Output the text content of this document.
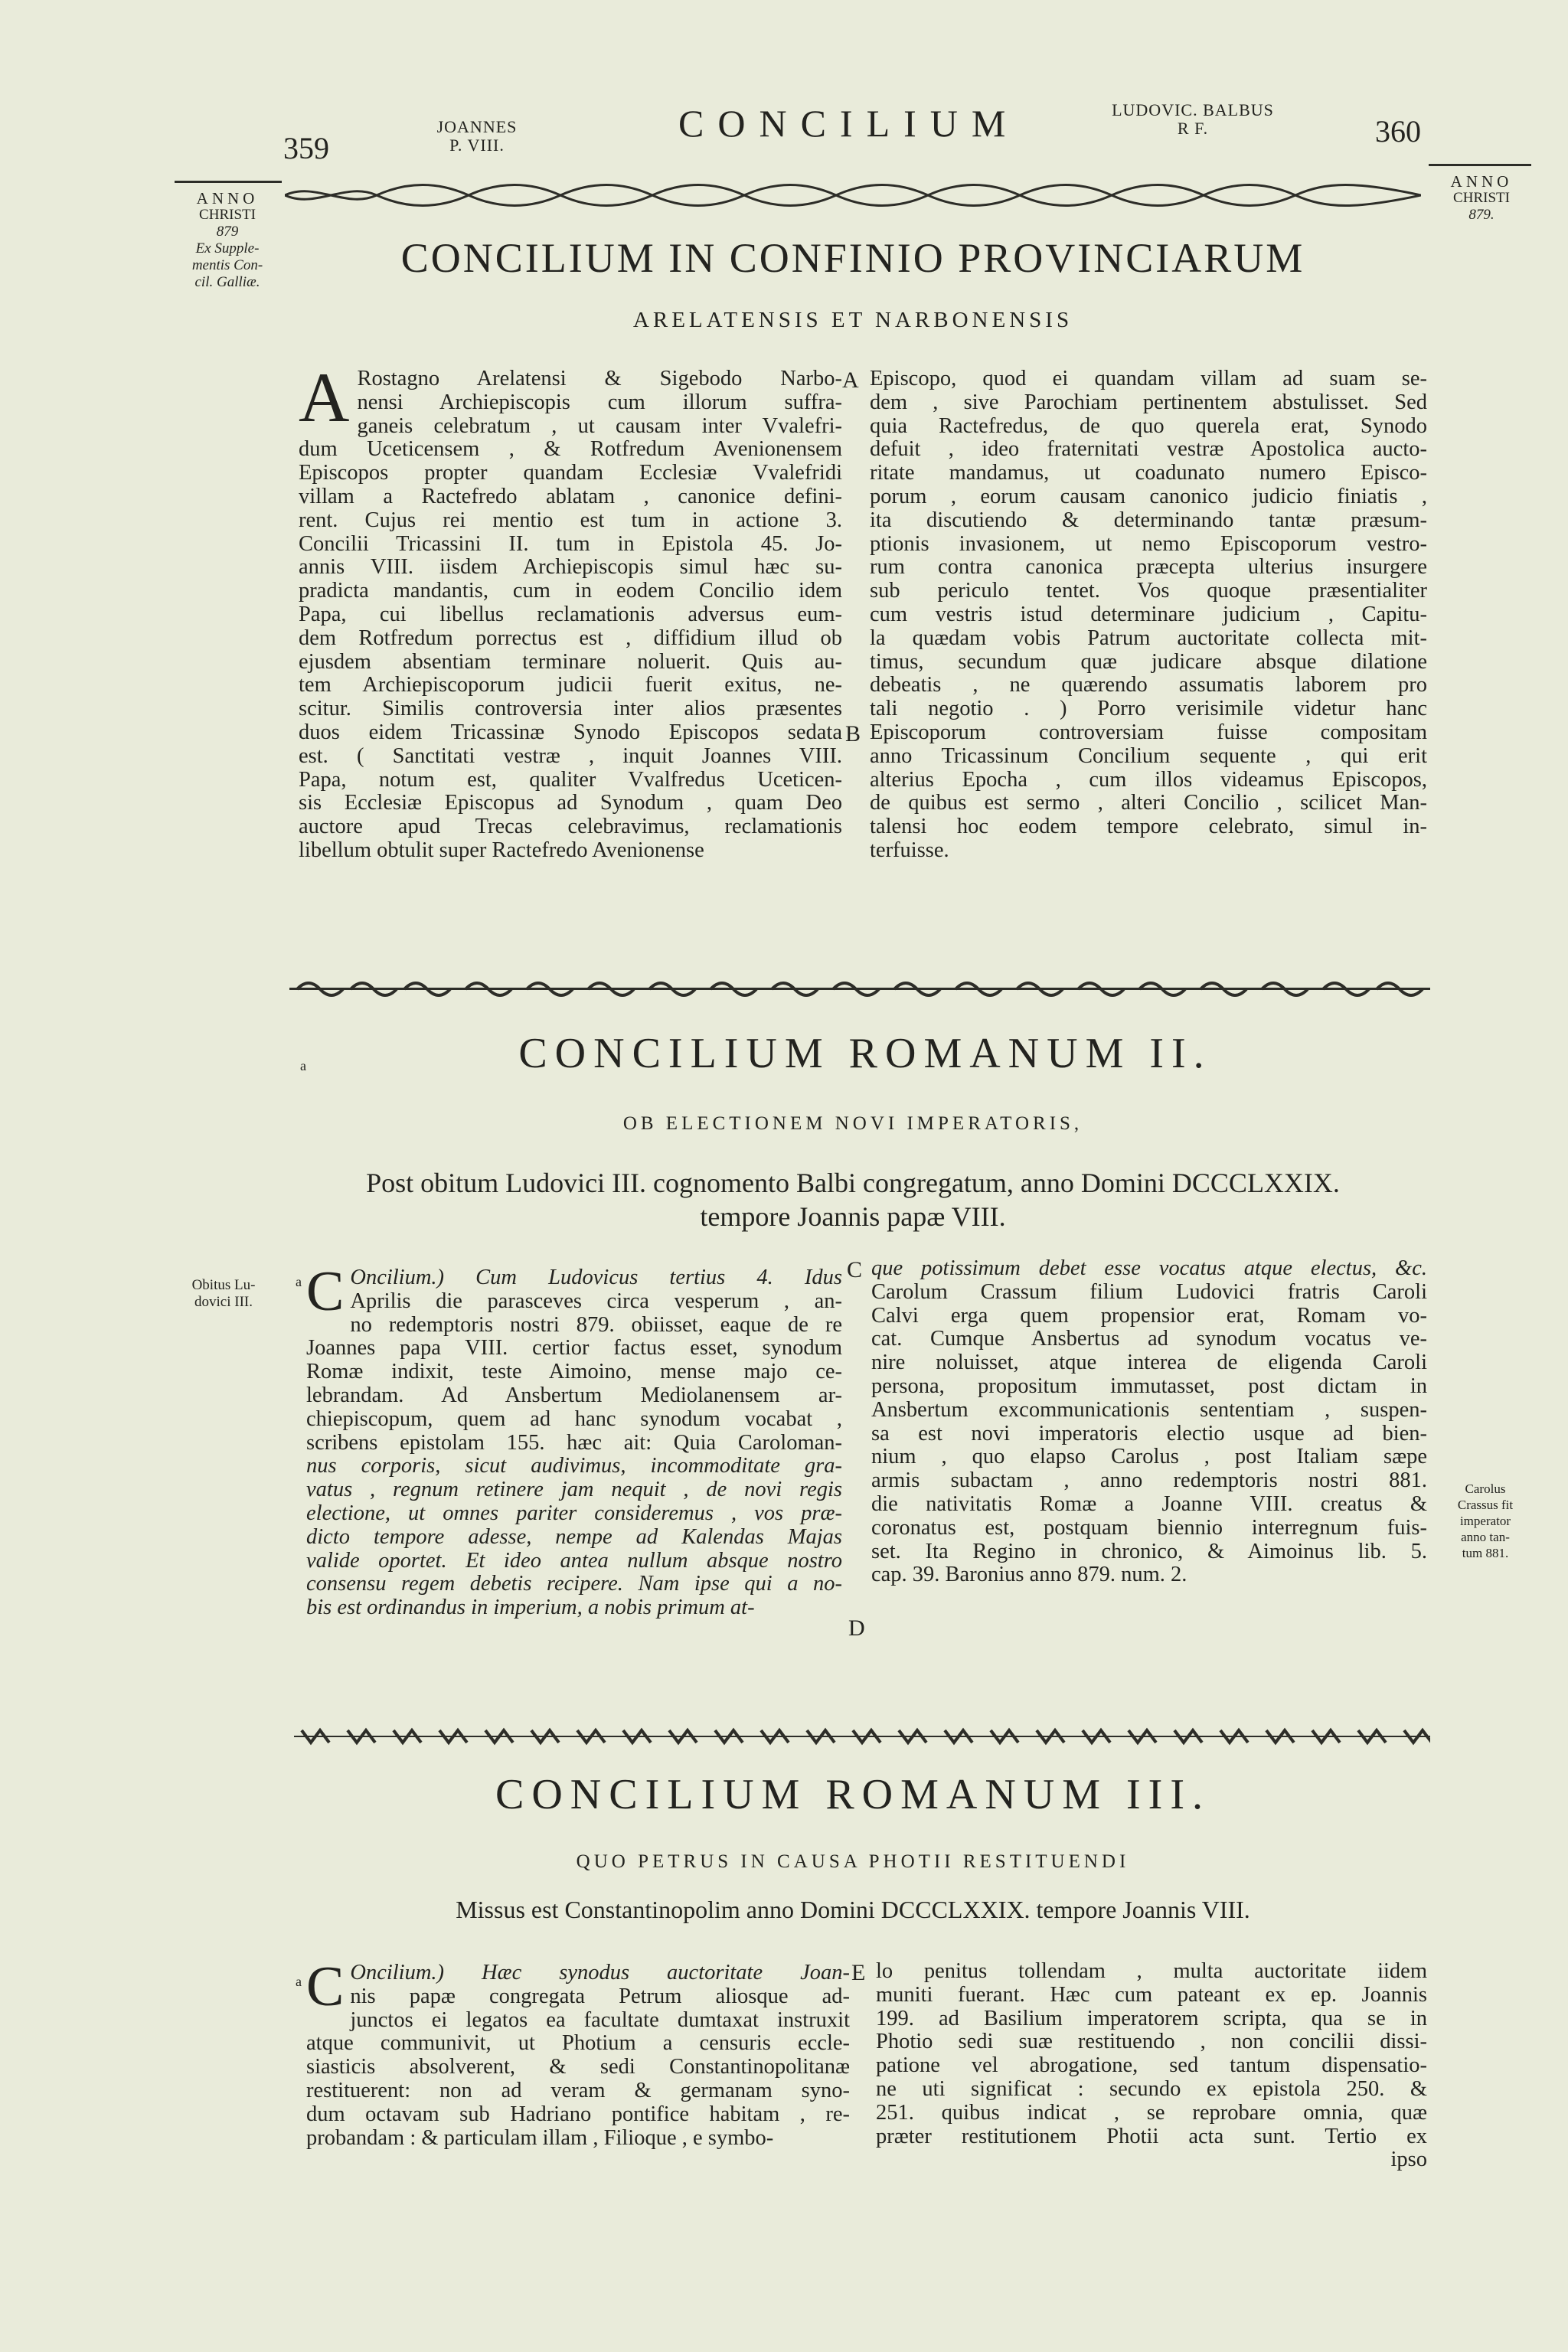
359
JOANNES
P. VIII.
CONCILIUM	LUDOVIC. BALBUS
R F.	360
ANNO
CHRISTI
879
Ex Supple-
mentis Con-
cil. Galliæ.
ANNO
CHRISTI
879.
Obitus Lu-
dovici III.
Carolus
Crassus fit
imperator
anno tan-
tum 881.
CONCILIUM IN CONFINIO PROVINCIARUM
ARELATENSIS ET NARBONENSIS
A Rostagno Arelatensi & Sigebodo Narbo-
nensi Archiepiscopis cum illorum suffra-
ganeis celebratum , ut causam inter Vvalefri-
dum Uceticensem , & Rotfredum Avenionensem
Episcopos propter quandam Ecclesiæ Vvalefridi
villam a Ractefredo ablatam , canonice defini-
rent. Cujus rei mentio est tum in actione 3.
Concilii Tricassini II. tum in Epistola 45. Jo-
annis VIII. iisdem Archiepiscopis simul hæc su-
pradicta mandantis, cum in eodem Concilio idem
Papa, cui libellus reclamationis adversus eum-
dem Rotfredum porrectus est , diffidium illud ob
ejusdem absentiam terminare noluerit. Quis au-
tem Archiepiscoporum judicii fuerit exitus, ne-
scitur. Similis controversia inter alios præsentes
duos eidem Tricassinæ Synodo Episcopos sedata
est. ( Sanctitati vestræ , inquit Joannes VIII.
Papa, notum est, qualiter Vvalfredus Uceticen-
sis Ecclesiæ Episcopus ad Synodum , quam Deo
auctore apud Trecas celebravimus, reclamationis
libellum obtulit super Ractefredo Avenionense
A
B
Episcopo, quod ei quandam villam ad suam se-
dem , sive Parochiam pertinentem abstulisset. Sed
quia Ractefredus, de quo querela erat, Synodo
defuit , ideo fraternitati vestræ Apostolica aucto-
ritate mandamus, ut coadunato numero Episco-
porum , eorum causam canonico judicio finiatis ,
ita discutiendo & determinando tantæ præsum-
ptionis invasionem, ut nemo Episcoporum vestro-
rum contra canonica præcepta ulterius insurgere
sub periculo tentet. Vos quoque præsentialiter
cum vestris istud determinare judicium , Capitu-
la quædam vobis Patrum auctoritate collecta mit-
timus, secundum quæ judicare absque dilatione
debeatis , ne quærendo assumatis laborem pro
tali negotio . ) Porro verisimile videtur hanc
Episcoporum controversiam fuisse compositam
anno Tricassinum Concilium sequente , qui erit
alterius Epocha , cum illos videamus Episcopos,
de quibus est sermo , alteri Concilio , scilicet Man-
talensi hoc eodem tempore celebrato, simul in-
terfuisse.
a	CONCILIUM ROMANUM II.
OB ELECTIONEM NOVI IMPERATORIS,
Post obitum Ludovici III. cognomento Balbi congregatum, anno Domini DCCCLXXIX.
tempore Joannis papæ VIII.
a C Oncilium.) Cum Ludovicus tertius 4. Idus
Aprilis die parasceves circa vesperum , an-
no redemptoris nostri 879. obiisset, eaque de re
Joannes papa VIII. certior factus esset, synodum
Romæ indixit, teste Aimoino, mense majo ce-
lebrandam. Ad Ansbertum Mediolanensem ar-
chiepiscopum, quem ad hanc synodum vocabat ,
scribens epistolam 155. hæc ait: Quia Caroloman-
nus corporis, sicut audivimus, incommoditate gra-
vatus , regnum retinere jam nequit , de novi regis
electione, ut omnes pariter consideremus , vos præ-
dicto tempore adesse, nempe ad Kalendas Majas
valide oportet. Et ideo antea nullum absque nostro
consensu regem debetis recipere. Nam ipse qui a no-
bis est ordinandus in imperium, a nobis primum at-
C
D
que potissimum debet esse vocatus atque electus, &c.
Carolum Crassum filium Ludovici fratris Caroli
Calvi erga quem propensior erat, Romam vo-
cat. Cumque Ansbertus ad synodum vocatus ve-
nire noluisset, atque interea de eligenda Caroli
persona, propositum immutasset, post dictam in
Ansbertum excommunicationis sententiam , suspen-
sa est novi imperatoris electio usque ad bien-
nium , quo elapso Carolus , post Italiam sæpe
armis subactam , anno redemptoris nostri 881.
die nativitatis Romæ a Joanne VIII. creatus &
coronatus est, postquam biennio interregnum fuis-
set. Ita Regino in chronico, & Aimoinus lib. 5.
cap. 39. Baronius anno 879. num. 2.
CONCILIUM ROMANUM III.
QUO PETRUS IN CAUSA PHOTII RESTITUENDI
Missus est Constantinopolim anno Domini DCCCLXXIX. tempore Joannis VIII.
a C Oncilium.) Hæc synodus auctoritate Joan-
nis papæ congregata Petrum aliosque ad-
junctos ei legatos ea facultate dumtaxat instruxit
atque communivit, ut Photium a censuris eccle-
siasticis absolverent, & sedi Constantinopolitanæ
restituerent: non ad veram & germanam syno-
dum octavam sub Hadriano pontifice habitam , re-
probandam : & particulam illam , Filioque , e symbo-
E lo penitus tollendam , multa auctoritate iidem
muniti fuerant. Hæc cum pateant ex ep. Joannis
199. ad Basilium imperatorem scripta, qua se in
Photio sedi suæ restituendo , non concilii dissi-
patione vel abrogatione, sed tantum dispensatio-
ne uti significat : secundo ex epistola 250. &
251. quibus indicat , se reprobare omnia, quæ
præter restitutionem Photii acta sunt. Tertio ex
ipso
